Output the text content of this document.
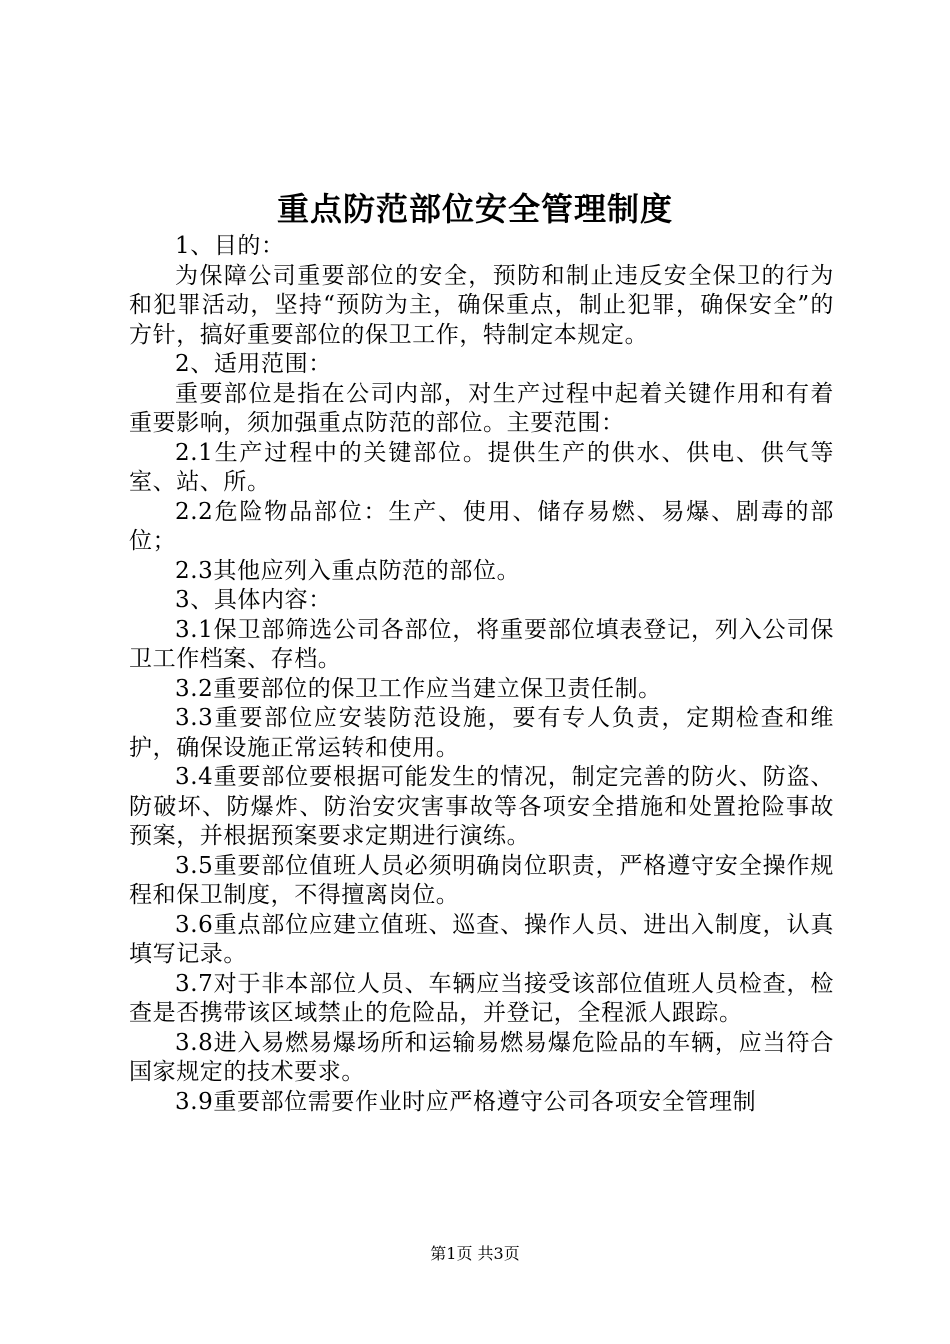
重点防范部位安全管理制度

1、目的：

为保障公司重要部位的安全，预防和制止违反安全保卫的行为和犯罪活动，坚持“预防为主，确保重点，制止犯罪，确保安全”的方针，搞好重要部位的保卫工作，特制定本规定。

2、适用范围：

重要部位是指在公司内部，对生产过程中起着关键作用和有着重要影响，须加强重点防范的部位。主要范围：

2.1生产过程中的关键部位。提供生产的供水、供电、供气等室、站、所。

2.2危险物品部位：生产、使用、储存易燃、易爆、剧毒的部位；

2.3其他应列入重点防范的部位。

3、具体内容：

3.1保卫部筛选公司各部位，将重要部位填表登记，列入公司保卫工作档案、存档。

3.2重要部位的保卫工作应当建立保卫责任制。

3.3重要部位应安装防范设施，要有专人负责，定期检查和维护，确保设施正常运转和使用。

3.4重要部位要根据可能发生的情况，制定完善的防火、防盗、防破坏、防爆炸、防治安灾害事故等各项安全措施和处置抢险事故预案，并根据预案要求定期进行演练。

3.5重要部位值班人员必须明确岗位职责，严格遵守安全操作规程和保卫制度，不得擅离岗位。

3.6重点部位应建立值班、巡查、操作人员、进出入制度，认真填写记录。

3.7对于非本部位人员、车辆应当接受该部位值班人员检查，检查是否携带该区域禁止的危险品，并登记，全程派人跟踪。

3.8进入易燃易爆场所和运输易燃易爆危险品的车辆，应当符合国家规定的技术要求。

3.9重要部位需要作业时应严格遵守公司各项安全管理制

第1页 共3页
